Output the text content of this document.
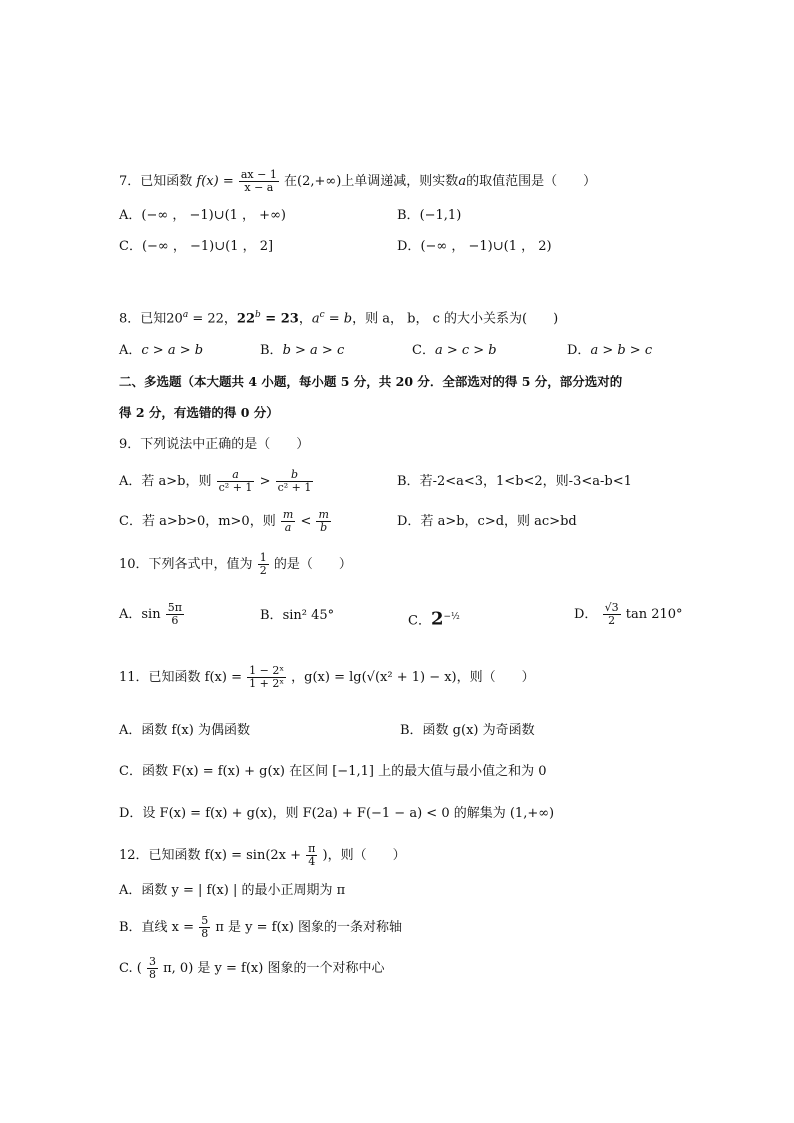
7．已知函数 $f(x) = \frac{ax - 1}{x - a}$ 在(2,+∞)上单调递减，则实数a的取值范围是（　　）
A．(−∞ ， −1)∪(1 ， +∞)	B．(−1,1)
C．(−∞ ， −1)∪(1 ， 2]	D．(−∞ ， −1)∪(1 ， 2)
8．已知$20^a = 22$，$22^b = 23$，$a^c = b$，则 a， b， c 的大小关系为(　　)
A．c > a > b	B．b > a > c	C．a > c > b	D．a > b > c
二、多选题（本大题共 4 小题，每小题 5 分，共 20 分．全部选对的得 5 分，部分选对的
得 2 分，有选错的得 0 分）
9．下列说法中正确的是（　　）
A．若 a>b，则 $\frac{a}{\text{c² + 1}} > \frac{b}{\text{c² + 1}}$	B．若-2<a<3，1<b<2，则-3<a-b<1
C．若 a>b>0，m>0，则 $\frac{m}{a} < \frac{m}{b}$	D．若 a>b，c>d，则 ac>bd
10．下列各式中，值为 $\frac{1}{2}$ 的是（　　）
A．$\sin \frac{5\pi}{6}$	B．sin² 45°	C．$2^{-\frac{1}{2}}$	D． $\frac{√3}{2}$ tan 210°
11．已知函数 $f(x) = \frac{\text{1 − 2ˣ}}{\text{1 + 2ˣ}}$ ，g(x) = lg(√(x² + 1) − x)，则（　　）
A．函数 f(x) 为偶函数	B．函数 g(x) 为奇函数
C．函数 F(x) = f(x) + g(x) 在区间 [−1,1] 上的最大值与最小值之和为 0
D．设 F(x) = f(x) + g(x)，则 F(2a) + F(−1 − a) < 0 的解集为 (1,+∞)
12．已知函数 $f(x) = \sin(2x + \frac{\pi}{4}$ )，则（　　）
A．函数 y = | f(x) | 的最小正周期为 π
B．直线 $x = \frac{5}{8}$ π 是 y = f(x) 图象的一条对称轴
C. ( $\frac{3}{8} \pi$, 0) 是 y = f(x) 图象的一个对称中心
